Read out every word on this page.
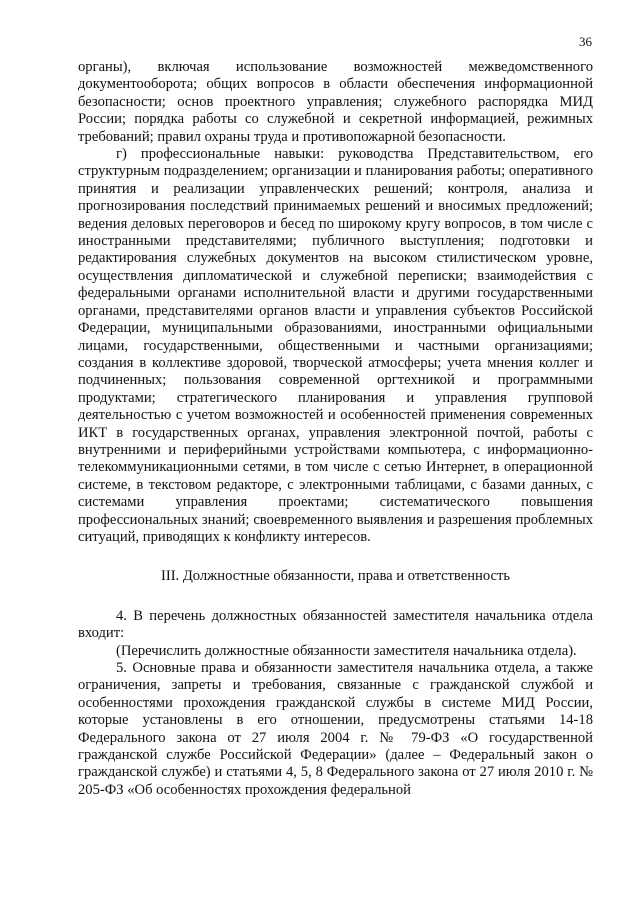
36

органы), включая использование возможностей межведомственного документооборота; общих вопросов в области обеспечения информационной безопасности; основ проектного управления; служебного распорядка МИД России; порядка работы со служебной и секретной информацией, режимных требований; правил охраны труда и противопожарной безопасности.

г) профессиональные навыки: руководства Представительством, его структурным подразделением; организации и планирования работы; оперативного принятия и реализации управленческих решений; контроля, анализа и прогнозирования последствий принимаемых решений и вносимых предложений; ведения деловых переговоров и бесед по широкому кругу вопросов, в том числе с иностранными представителями; публичного выступления; подготовки и редактирования служебных документов на высоком стилистическом уровне, осуществления дипломатической и служебной переписки; взаимодействия с федеральными органами исполнительной власти и другими государственными органами, представителями органов власти и управления субъектов Российской Федерации, муниципальными образованиями, иностранными официальными лицами, государственными, общественными и частными организациями; создания в коллективе здоровой, творческой атмосферы; учета мнения коллег и подчиненных; пользования современной оргтехникой и программными продуктами; стратегического планирования и управления групповой деятельностью с учетом возможностей и особенностей применения современных ИКТ в государственных органах, управления электронной почтой, работы с внутренними и периферийными устройствами компьютера, с информационно-телекоммуникационными сетями, в том числе с сетью Интернет, в операционной системе, в текстовом редакторе, с электронными таблицами, с базами данных, с системами управления проектами; систематического повышения профессиональных знаний; своевременного выявления и разрешения проблемных ситуаций, приводящих к конфликту интересов.

III. Должностные обязанности, права и ответственность

4. В перечень должностных обязанностей заместителя начальника отдела входит:

(Перечислить должностные обязанности заместителя начальника отдела).

5. Основные права и обязанности заместителя начальника отдела, а также ограничения, запреты и требования, связанные с гражданской службой и особенностями прохождения гражданской службы в системе МИД России, которые установлены в его отношении, предусмотрены статьями 14-18 Федерального закона от 27 июля 2004 г. № 79-ФЗ «О государственной гражданской службе Российской Федерации» (далее – Федеральный закон о гражданской службе) и статьями 4, 5, 8 Федерального закона от 27 июля 2010 г. № 205-ФЗ «Об особенностях прохождения федеральной
